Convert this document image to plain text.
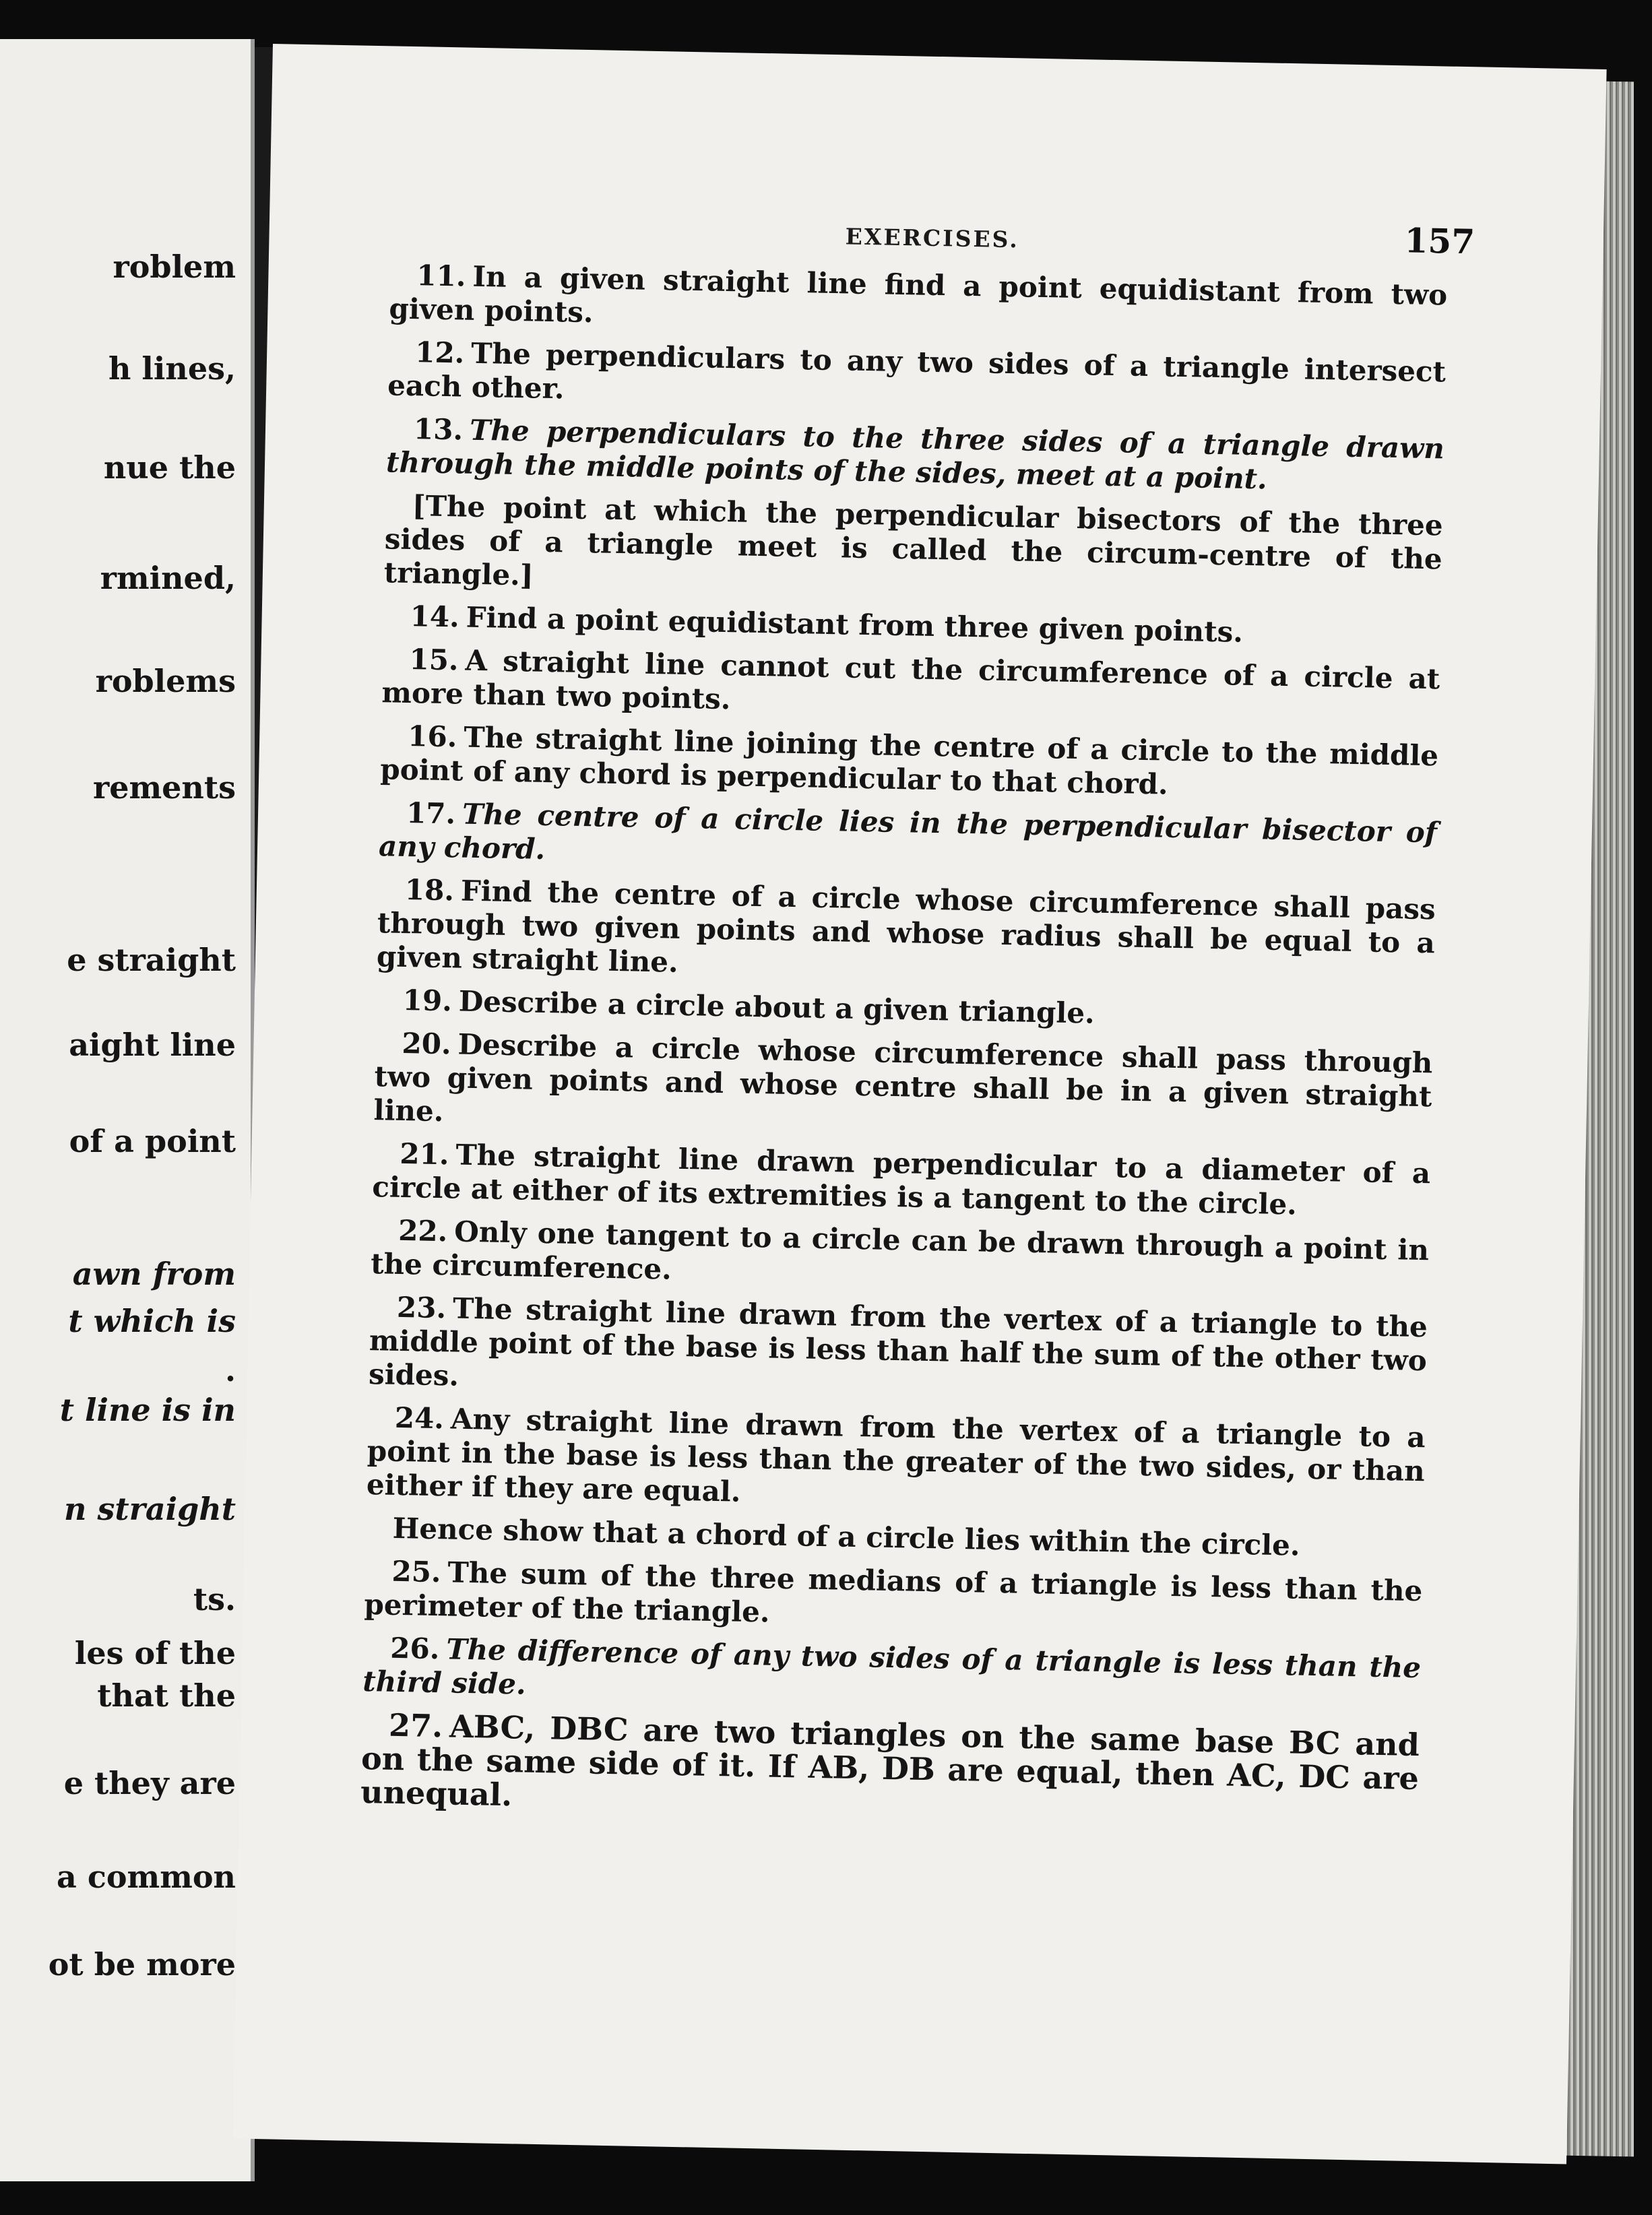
roblem
h lines,
nue the
rmined,
roblems
rements
e straight
aight line
of a point
awn from
t which is
.
t line is in
n straight
ts.
les of the
that the
e they are
a common
ot be more
EXERCISES.	157
11. In a given straight line find a point equidistant from two given points.
12. The perpendiculars to any two sides of a triangle intersect each other.
13. The perpendiculars to the three sides of a triangle drawn through the middle points of the sides, meet at a point.
[The point at which the perpendicular bisectors of the three sides of a triangle meet is called the circum-centre of the triangle.]
14. Find a point equidistant from three given points.
15. A straight line cannot cut the circumference of a circle at more than two points.
16. The straight line joining the centre of a circle to the middle point of any chord is perpendicular to that chord.
17. The centre of a circle lies in the perpendicular bisector of any chord.
18. Find the centre of a circle whose circumference shall pass through two given points and whose radius shall be equal to a given straight line.
19. Describe a circle about a given triangle.
20. Describe a circle whose circumference shall pass through two given points and whose centre shall be in a given straight line.
21. The straight line drawn perpendicular to a diameter of a circle at either of its extremities is a tangent to the circle.
22. Only one tangent to a circle can be drawn through a point in the circumference.
23. The straight line drawn from the vertex of a triangle to the middle point of the base is less than half the sum of the other two sides.
24. Any straight line drawn from the vertex of a triangle to a point in the base is less than the greater of the two sides, or than either if they are equal.
Hence show that a chord of a circle lies within the circle.
25. The sum of the three medians of a triangle is less than the perimeter of the triangle.
26. The difference of any two sides of a triangle is less than the third side.
27. ABC, DBC are two triangles on the same base BC and on the same side of it. If AB, DB are equal, then AC, DC are unequal.
